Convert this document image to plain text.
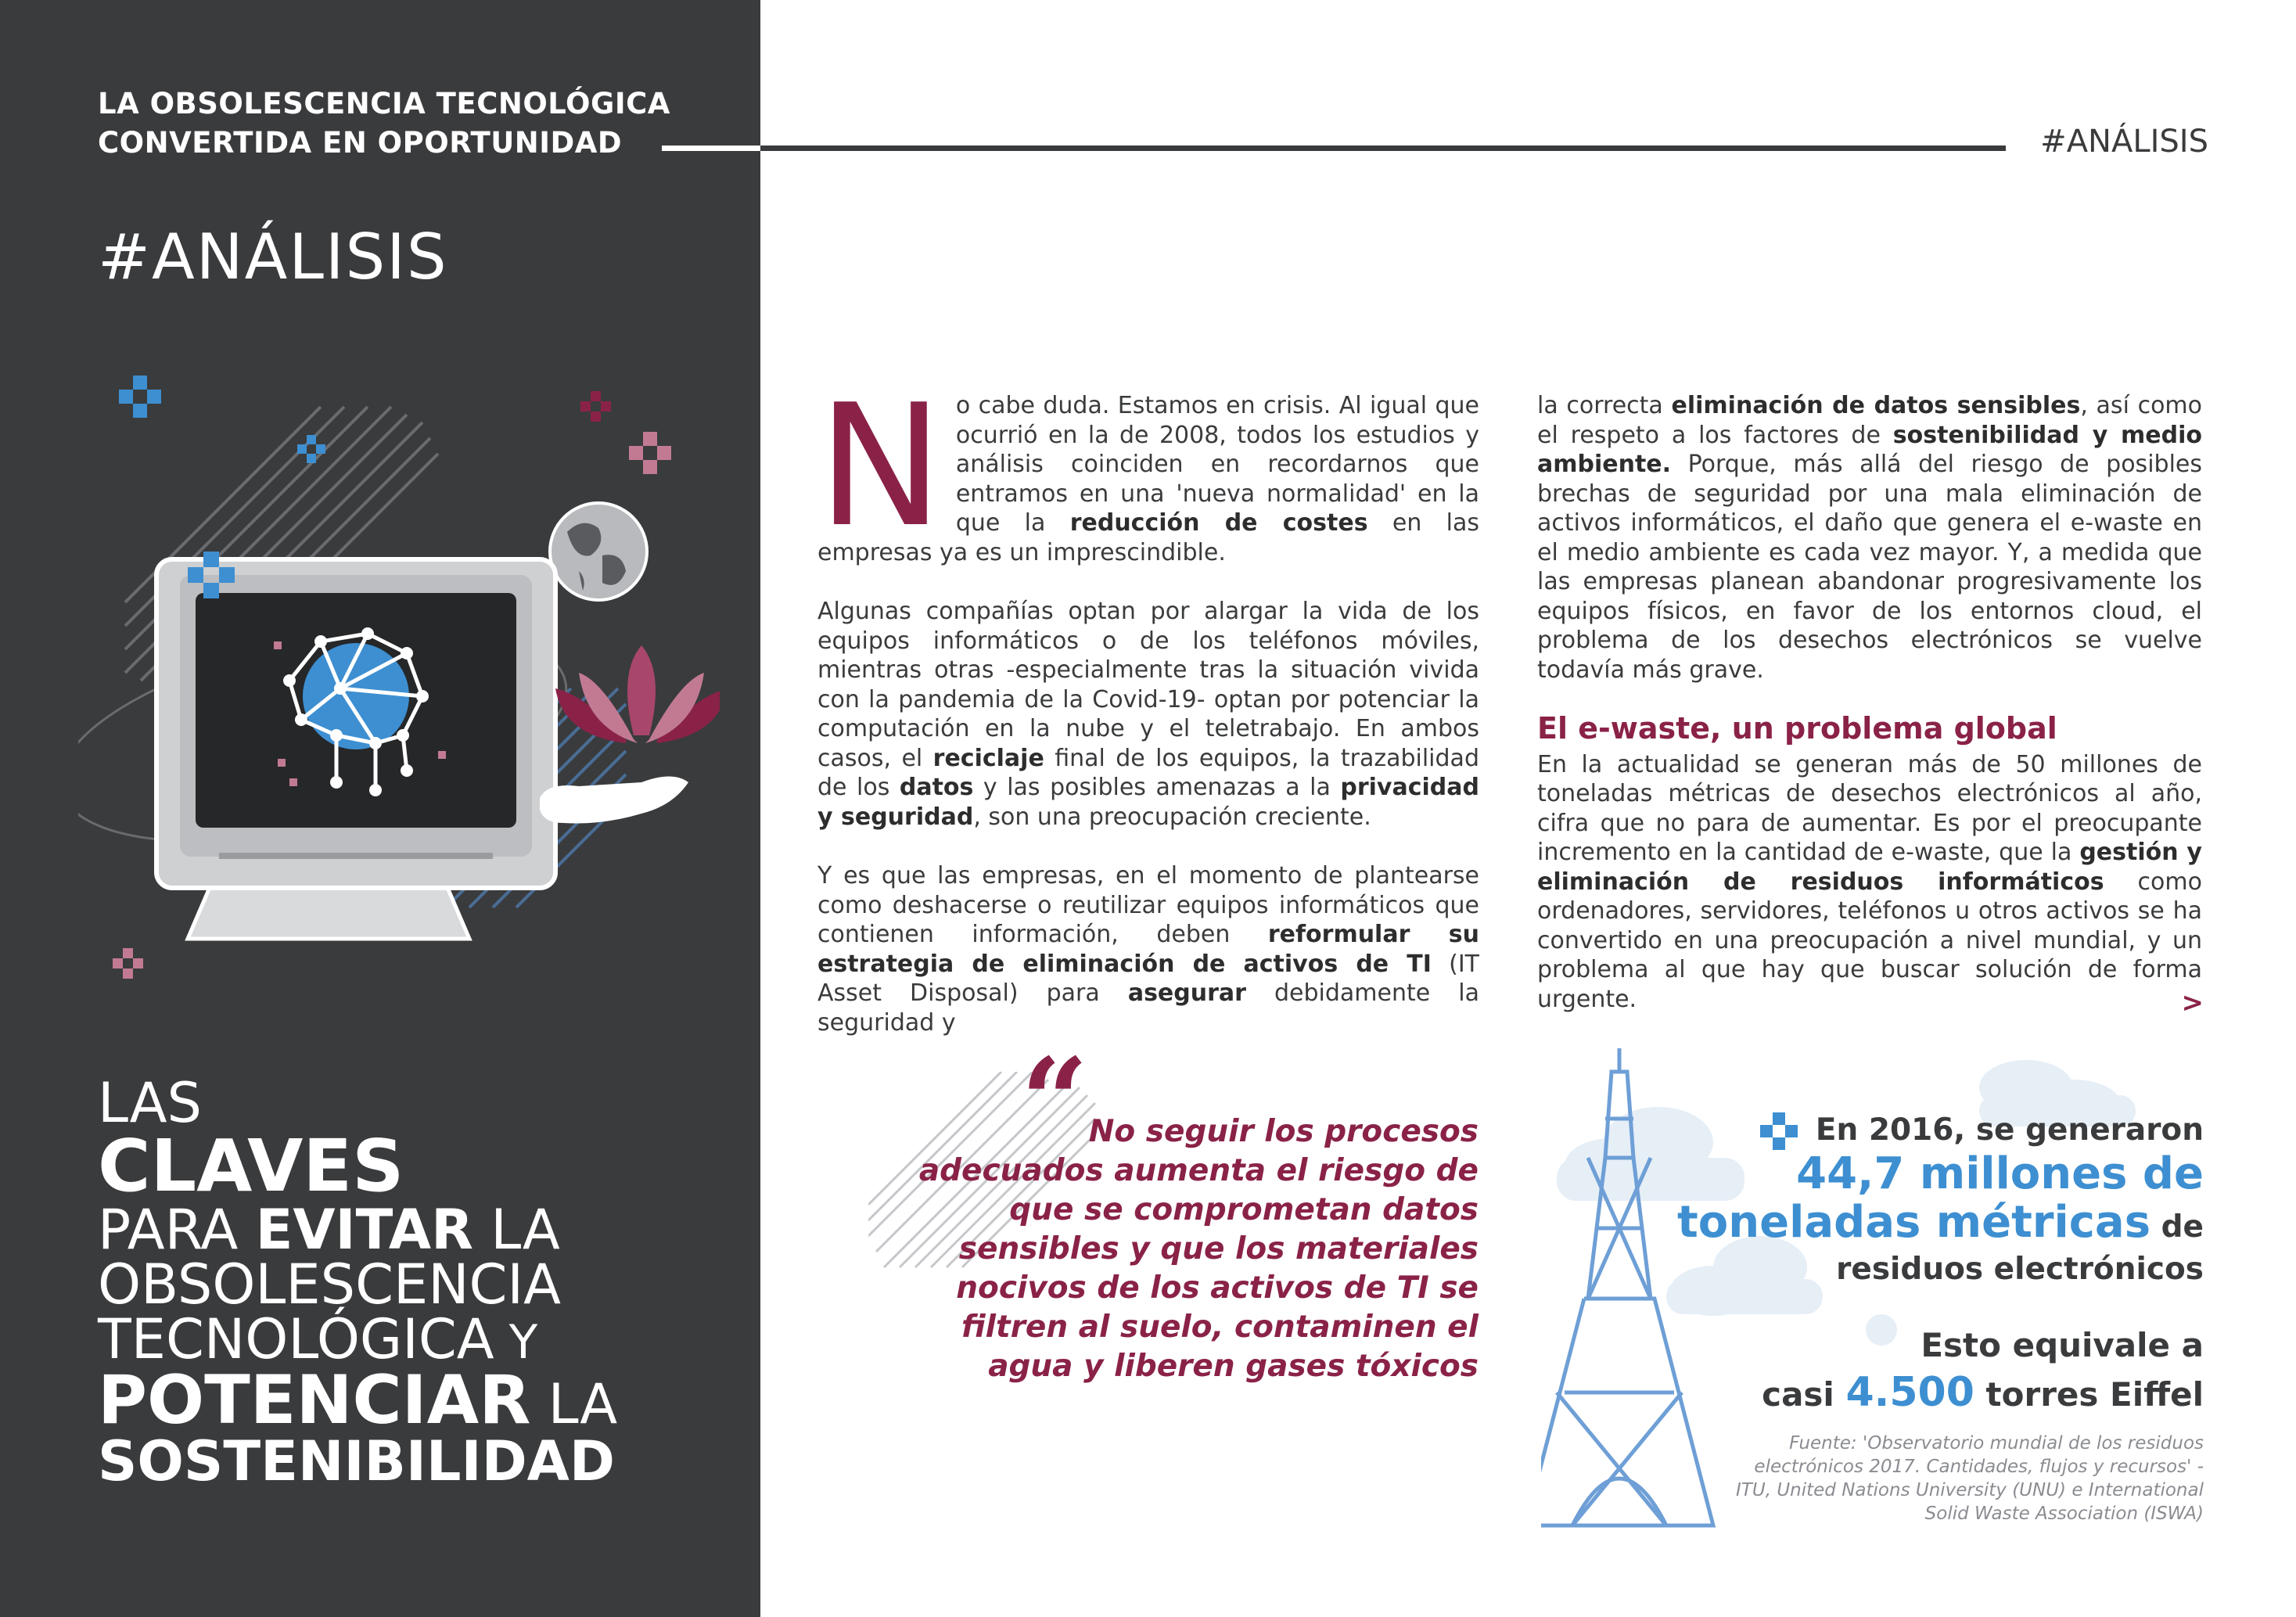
LA OBSOLESCENCIA TECNOLÓGICA
CONVERTIDA EN OPORTUNIDAD
#ANÁLISIS
LAS
CLAVES
PARA EVITAR LA
OBSOLESCENCIA
TECNOLÓGICA Y
POTENCIAR LA
SOSTENIBILIDAD
#ANÁLISIS

No cabe duda. Estamos en crisis. Al igual que ocurrió en la de 2008, todos los estudios y análisis coinciden en recordarnos que entramos en una 'nueva normalidad' en la que la reducción de costes en las empresas ya es un imprescindible.

Algunas compañías optan por alargar la vida de los equipos informáticos o de los teléfonos móviles, mientras otras -especialmente tras la situación vivida con la pandemia de la Covid-19- optan por potenciar la computación en la nube y el teletrabajo. En ambos casos, el reciclaje final de los equipos, la trazabilidad de los datos y las posibles amenazas a la privacidad y seguridad, son una preocupación creciente.

Y es que las empresas, en el momento de plantearse como deshacerse o reutilizar equipos informáticos que contienen información, deben reformular su estrategia de eliminación de activos de TI (IT Asset Disposal) para asegurar debidamente la seguridad y

la correcta eliminación de datos sensibles, así como el respeto a los factores de sostenibilidad y medio ambiente. Porque, más allá del riesgo de posibles brechas de seguridad por una mala eliminación de activos informáticos, el daño que genera el e-waste en el medio ambiente es cada vez mayor. Y, a medida que las empresas planean abandonar progresivamente los equipos físicos, en favor de los entornos cloud, el problema de los desechos electrónicos se vuelve todavía más grave.

El e-waste, un problema global

En la actualidad se generan más de 50 millones de toneladas métricas de desechos electrónicos al año, cifra que no para de aumentar. Es por el preocupante incremento en la cantidad de e-waste, que la gestión y eliminación de residuos informáticos como ordenadores, servidores, teléfonos u otros activos se ha convertido en una preocupación a nivel mundial, y un problema al que hay que buscar solución de forma urgente.	>
“ No seguir los procesos adecuados aumenta el riesgo de que se comprometan datos sensibles y que los materiales nocivos de los activos de TI se filtren al suelo, contaminen el agua y liberen gases tóxicos
En 2016, se generaron
44,7 millones de
toneladas métricas de
residuos electrónicos
Esto equivale a
casi 4.500 torres Eiffel
Fuente: 'Observatorio mundial de los residuos electrónicos 2017. Cantidades, flujos y recursos' - ITU, United Nations University (UNU) e International Solid Waste Association (ISWA)
